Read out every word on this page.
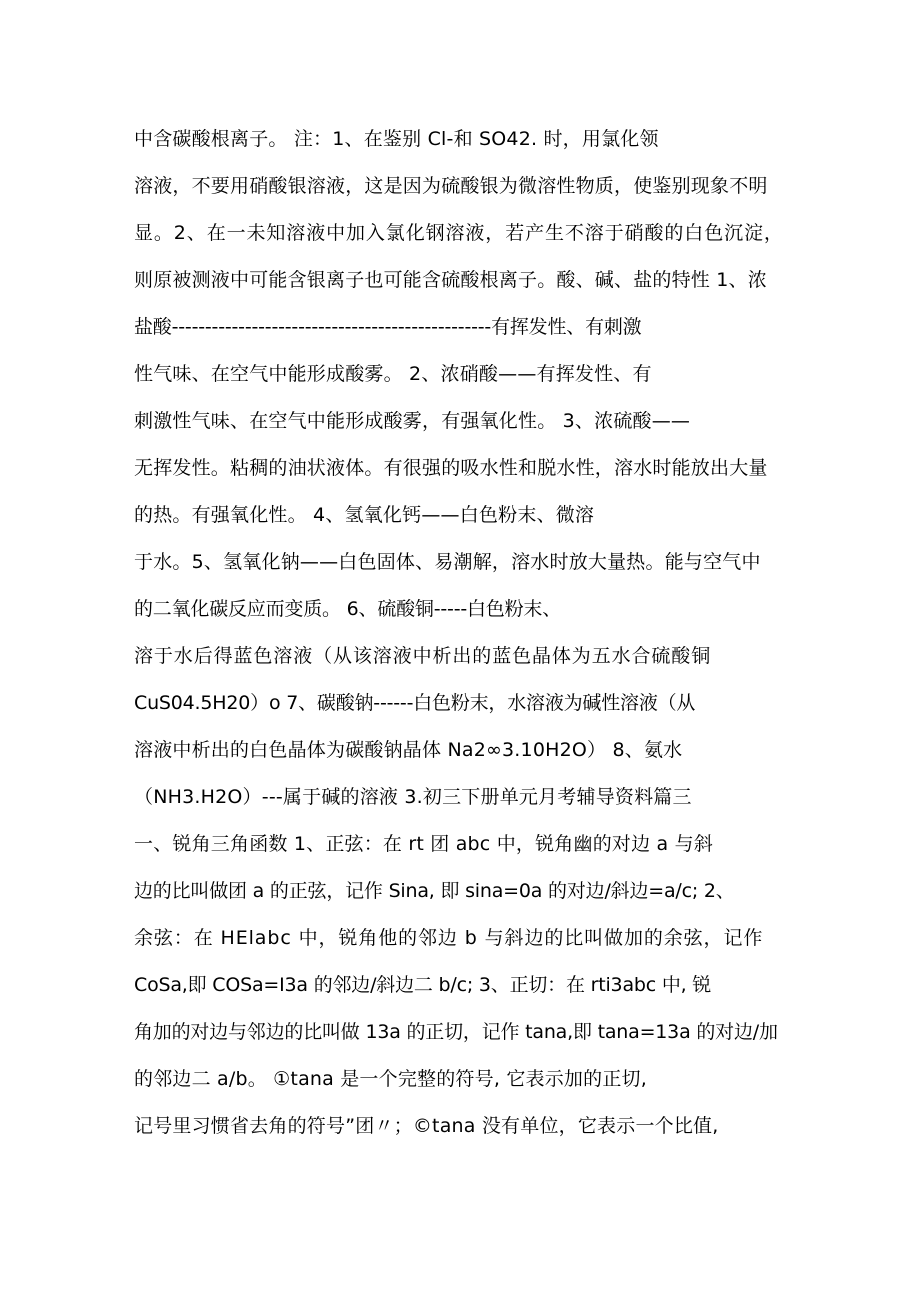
中含碳酸根离子。 注：1、在鉴别 Cl-和 SO42. 时，用氯化领
溶液，不要用硝酸银溶液，这是因为硫酸银为微溶性物质，使鉴别现象不明
显。2、在一未知溶液中加入氯化钢溶液，若产生不溶于硝酸的白色沉淀，
则原被测液中可能含银离子也可能含硫酸根离子。酸、碱、盐的特性 1、浓
盐酸------------------------------------------------有挥发性、有刺激
性气味、在空气中能形成酸雾。 2、浓硝酸——有挥发性、有
刺激性气味、在空气中能形成酸雾，有强氧化性。 3、浓硫酸——
无挥发性。粘稠的油状液体。有很强的吸水性和脱水性，溶水时能放出大量
的热。有强氧化性。 4、氢氧化钙——白色粉末、微溶
于水。5、氢氧化钠——白色固体、易潮解，溶水时放大量热。能与空气中
的二氧化碳反应而变质。 6、硫酸铜-----白色粉末、
溶于水后得蓝色溶液（从该溶液中析出的蓝色晶体为五水合硫酸铜
CuS04.5H20）o 7、碳酸钠------白色粉末，水溶液为碱性溶液（从
溶液中析出的白色晶体为碳酸钠晶体 Na2∞3.10H2O） 8、氨水
（NH3.H2O）---属于碱的溶液 3.初三下册单元月考辅导资料篇三
一、锐角三角函数 1、正弦：在 rt 团 abc 中，锐角幽的对边 a 与斜
边的比叫做团 a 的正弦，记作 Sina, 即 sina=0a 的对边/斜边=a∕c; 2、
余弦：在 HElabc 中，锐角他的邻边 b 与斜边的比叫做加的余弦，记作
CoSa,即 COSa=I3a 的邻边/斜边二 b∕c; 3、正切：在 rti3abc 中, 锐
角加的对边与邻边的比叫做 13a 的正切，记作 tana,即 tana=13a 的对边/加
的邻边二 a/b。 ①tana 是一个完整的符号, 它表示加的正切,
记号里习惯省去角的符号”团〃；©tana 没有单位，它表示一个比值,
